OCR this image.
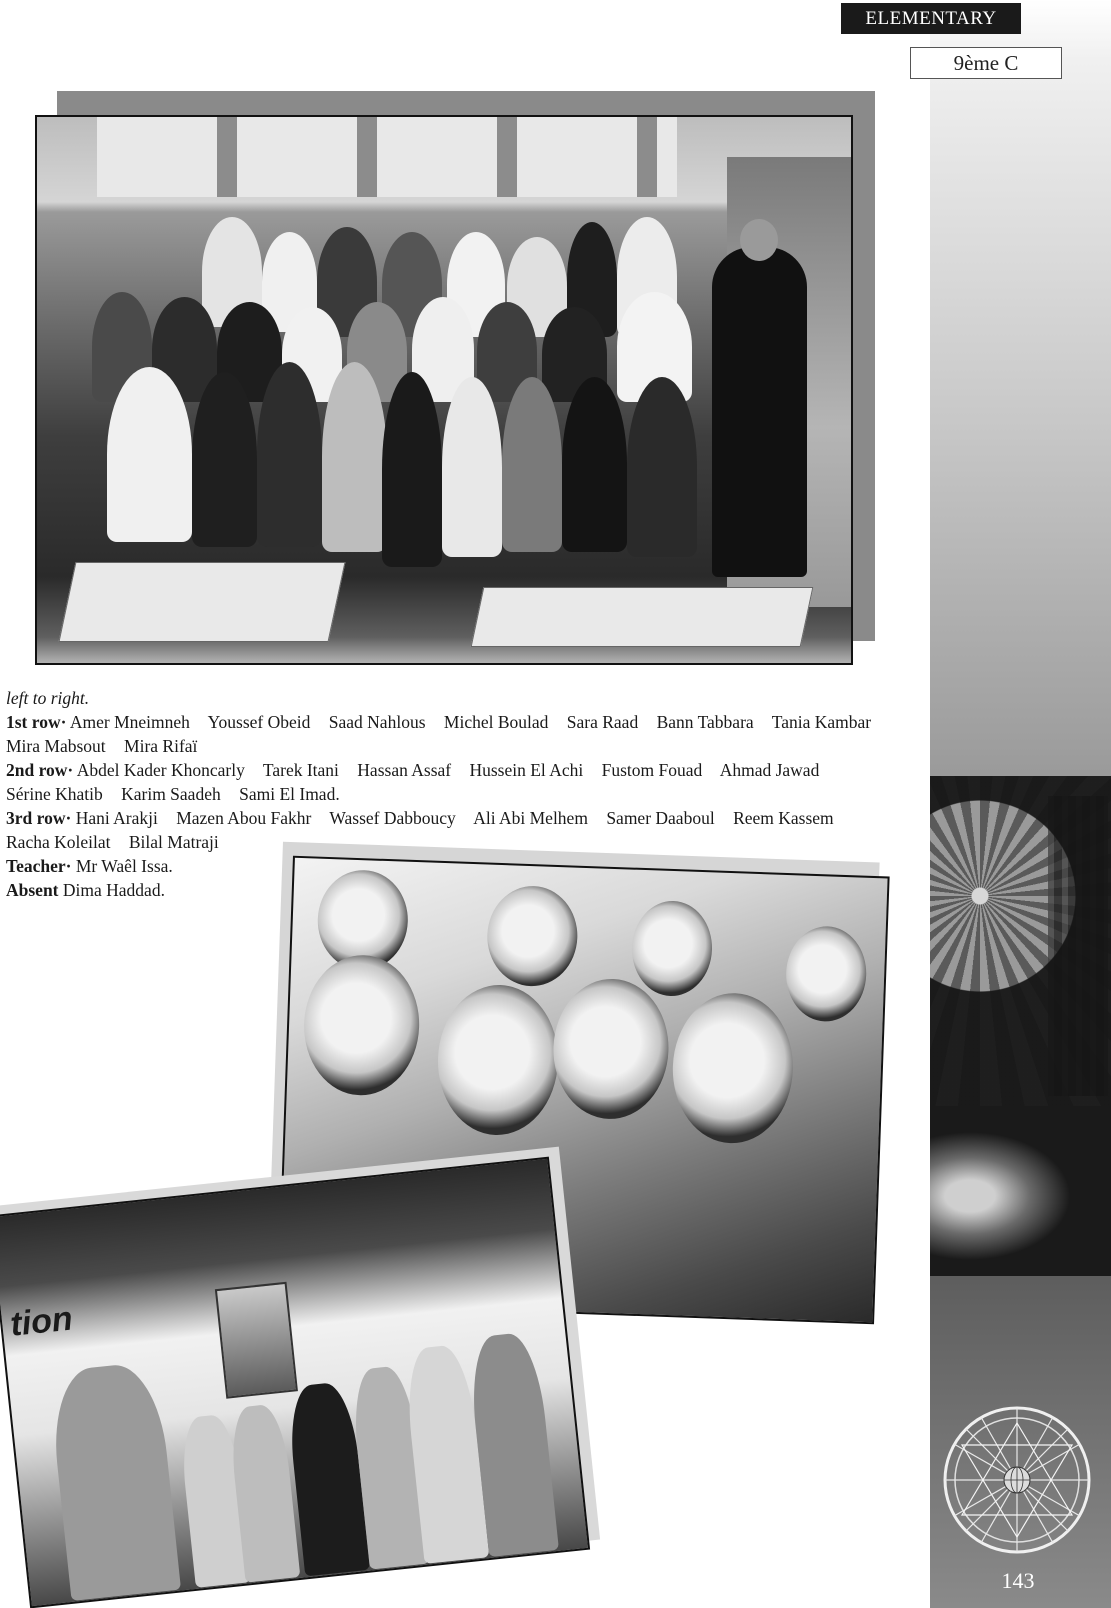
143
ELEMENTARY
9ème C
left to right.
1st row· Amer Mneimneh Youssef Obeid Saad Nahlous Michel Boulad Sara Raad Bann Tabbara Tania Kambar
Mira Mabsout Mira Rifaï
2nd row· Abdel Kader Khoncarly Tarek Itani Hassan Assaf Hussein El Achi Fustom Fouad Ahmad Jawad
Sérine Khatib Karim Saadeh Sami El Imad.
3rd row· Hani Arakji Mazen Abou Fakhr Wassef Dabboucy Ali Abi Melhem Samer Daaboul Reem Kassem
Racha Koleilat Bilal Matraji
Teacher· Mr Waêl Issa.
Absent Dima Haddad.
tion
